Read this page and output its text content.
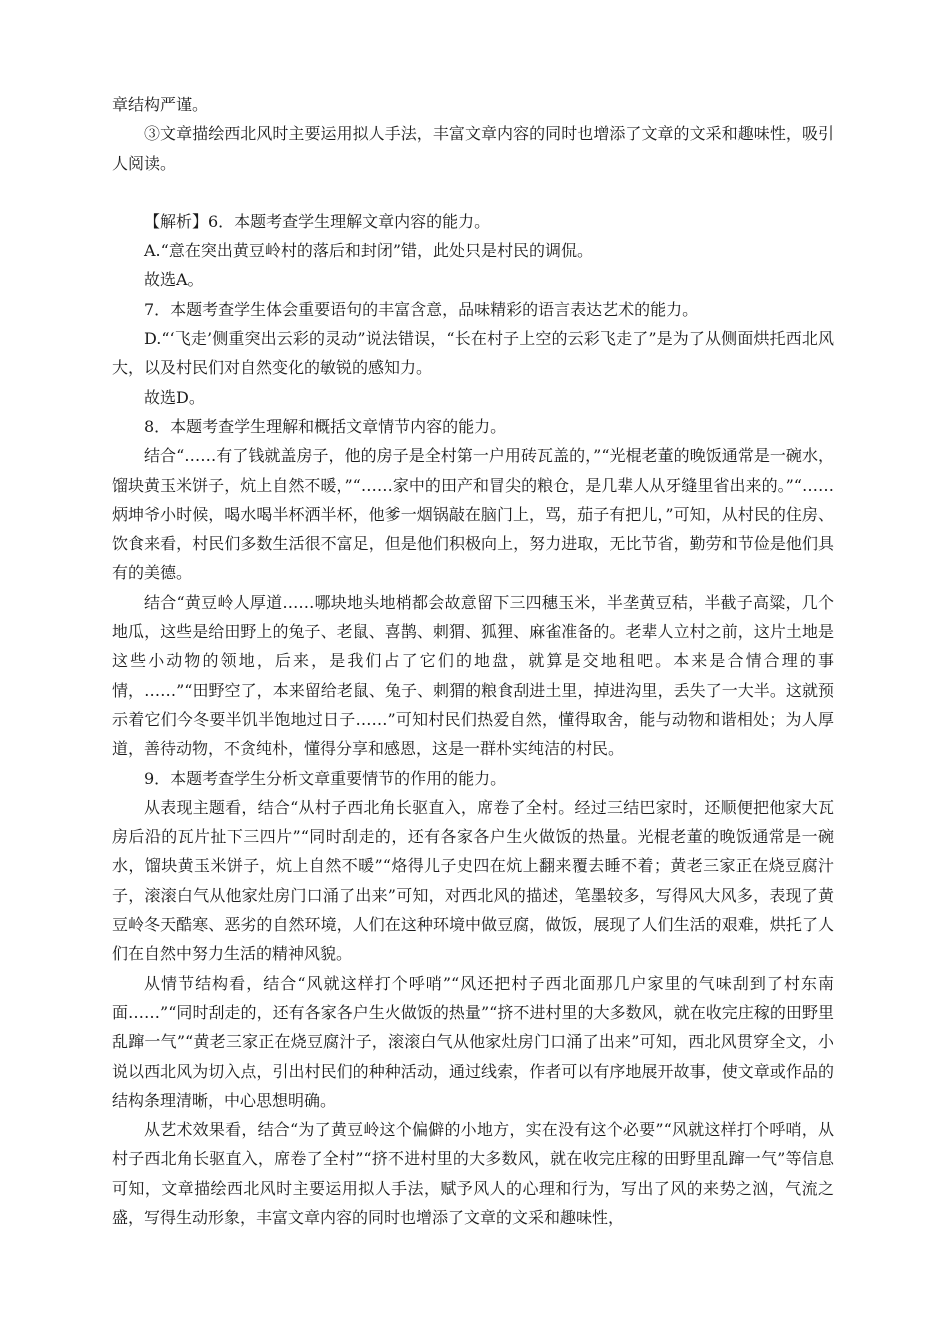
章结构严谨。

③文章描绘西北风时主要运用拟人手法，丰富文章内容的同时也增添了文章的文采和趣味性，吸引人阅读。

【解析】6．本题考查学生理解文章内容的能力。

A.“意在突出黄豆岭村的落后和封闭”错，此处只是村民的调侃。

故选A。

7．本题考查学生体会重要语句的丰富含意，品味精彩的语言表达艺术的能力。

D.“‘飞走’侧重突出云彩的灵动”说法错误，“长在村子上空的云彩飞走了”是为了从侧面烘托西北风大，以及村民们对自然变化的敏锐的感知力。

故选D。

8．本题考查学生理解和概括文章情节内容的能力。

结合“……有了钱就盖房子，他的房子是全村第一户用砖瓦盖的，”“光棍老董的晚饭通常是一碗水，馏块黄玉米饼子，炕上自然不暖，”“……家中的田产和冒尖的粮仓，是几辈人从牙缝里省出来的。”“……炳坤爷小时候，喝水喝半杯洒半杯，他爹一烟锅敲在脑门上，骂，茄子有把儿，”可知，从村民的住房、饮食来看，村民们多数生活很不富足，但是他们积极向上，努力进取，无比节省，勤劳和节俭是他们具有的美德。

结合“黄豆岭人厚道……哪块地头地梢都会故意留下三四穗玉米，半垄黄豆秸，半截子高粱，几个地瓜，这些是给田野上的兔子、老鼠、喜鹊、刺猬、狐狸、麻雀准备的。老辈人立村之前，这片土地是这些小动物的领地，后来，是我们占了它们的地盘，就算是交地租吧。本来是合情合理的事情，……”“田野空了，本来留给老鼠、兔子、刺猬的粮食刮进土里，掉进沟里，丢失了一大半。这就预示着它们今冬要半饥半饱地过日子……”可知村民们热爱自然，懂得取舍，能与动物和谐相处；为人厚道，善待动物，不贪纯朴，懂得分享和感恩，这是一群朴实纯洁的村民。

9．本题考查学生分析文章重要情节的作用的能力。

从表现主题看，结合“从村子西北角长驱直入，席卷了全村。经过三结巴家时，还顺便把他家大瓦房后沿的瓦片扯下三四片”“同时刮走的，还有各家各户生火做饭的热量。光棍老董的晚饭通常是一碗水，馏块黄玉米饼子，炕上自然不暖”“烙得儿子史四在炕上翻来覆去睡不着；黄老三家正在烧豆腐汁子，滚滚白气从他家灶房门口涌了出来”可知，对西北风的描述，笔墨较多，写得风大风多，表现了黄豆岭冬天酷寒、恶劣的自然环境，人们在这种环境中做豆腐，做饭，展现了人们生活的艰难，烘托了人们在自然中努力生活的精神风貌。

从情节结构看，结合“风就这样打个呼哨”“风还把村子西北面那几户家里的气味刮到了村东南面……”“同时刮走的，还有各家各户生火做饭的热量”“挤不进村里的大多数风，就在收完庄稼的田野里乱蹿一气”“黄老三家正在烧豆腐汁子，滚滚白气从他家灶房门口涌了出来”可知，西北风贯穿全文，小说以西北风为切入点，引出村民们的种种活动，通过线索，作者可以有序地展开故事，使文章或作品的结构条理清晰，中心思想明确。

从艺术效果看，结合“为了黄豆岭这个偏僻的小地方，实在没有这个必要”“风就这样打个呼哨，从村子西北角长驱直入，席卷了全村”“挤不进村里的大多数风，就在收完庄稼的田野里乱蹿一气”等信息可知，文章描绘西北风时主要运用拟人手法，赋予风人的心理和行为，写出了风的来势之汹，气流之盛，写得生动形象，丰富文章内容的同时也增添了文章的文采和趣味性，
